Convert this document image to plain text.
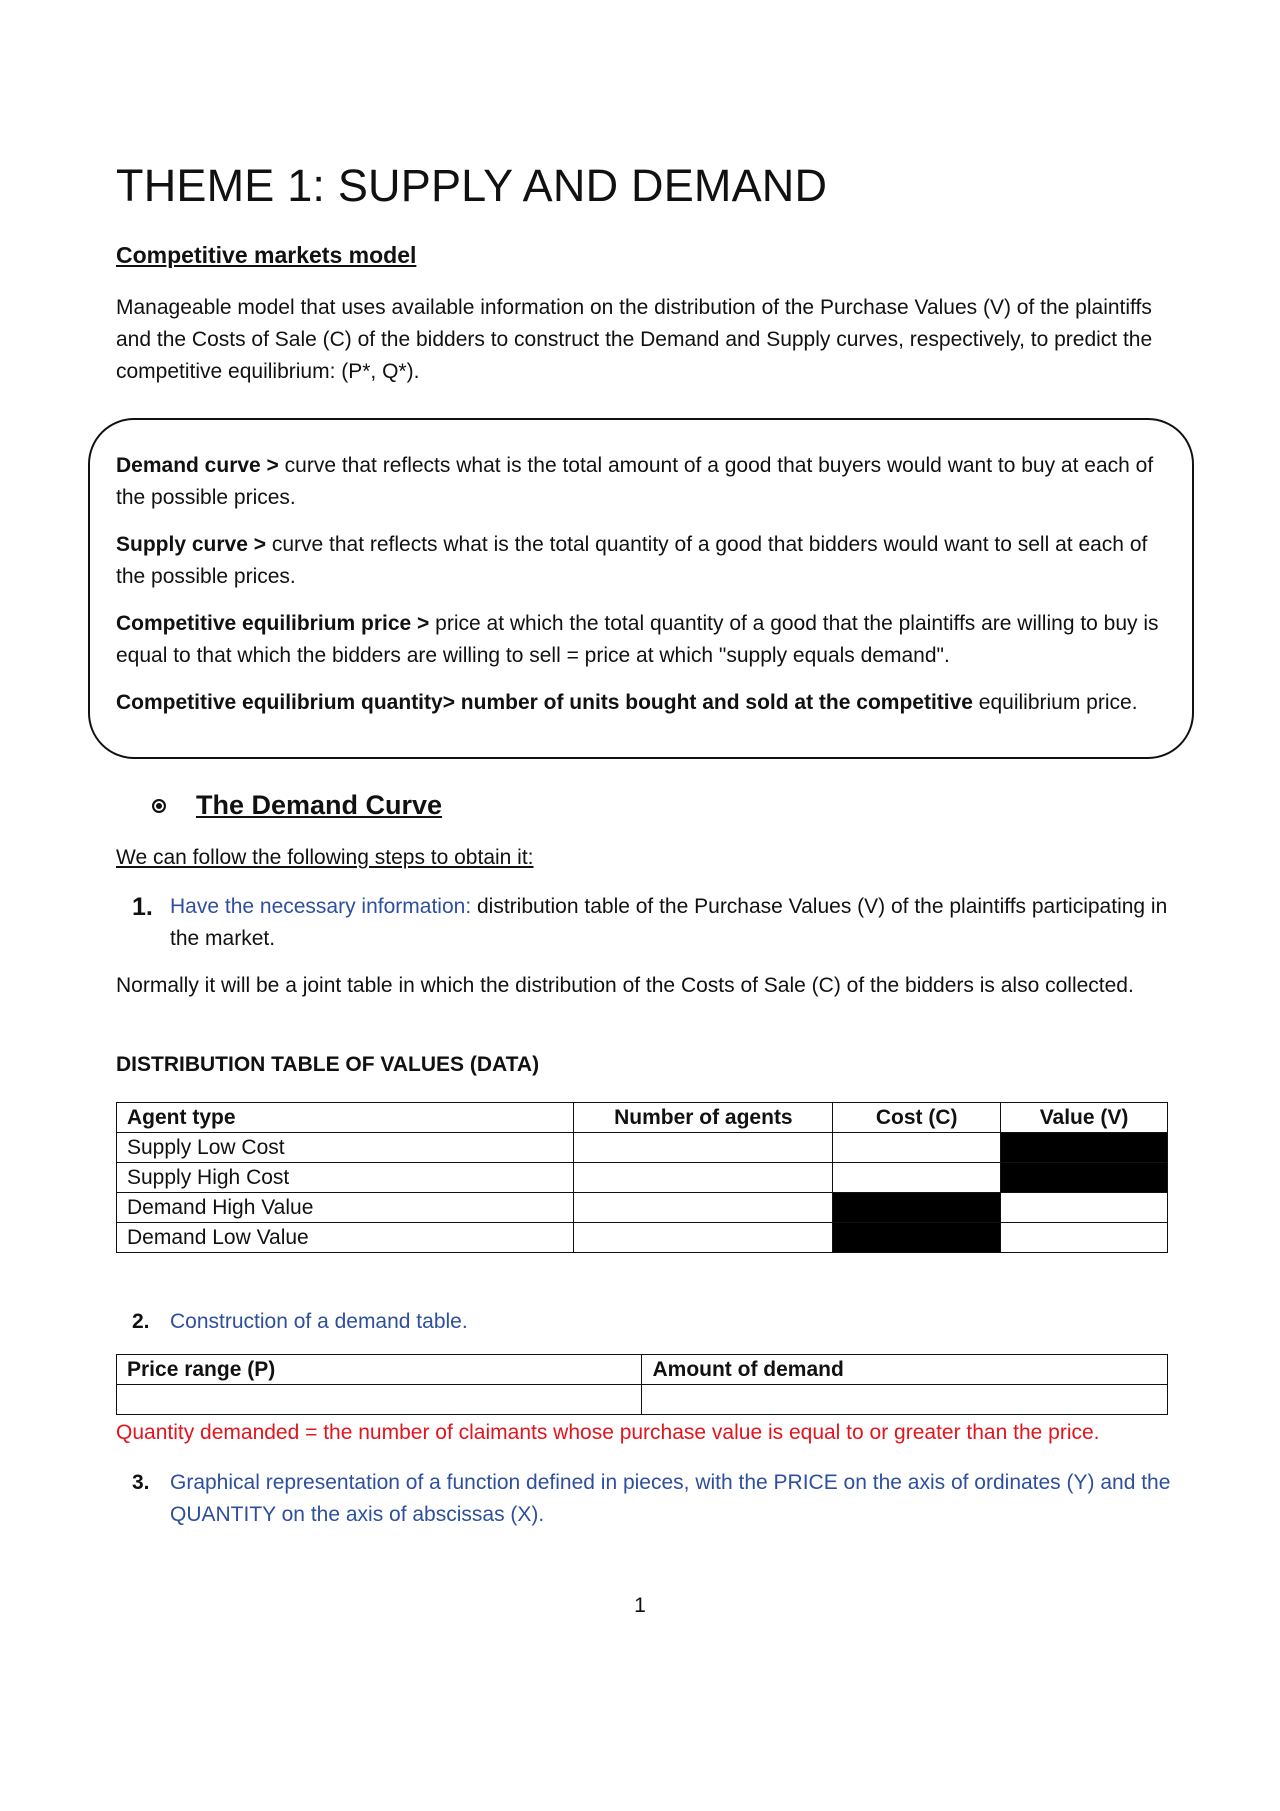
THEME 1: SUPPLY AND DEMAND
Competitive markets model
Manageable model that uses available information on the distribution of the Purchase Values (V) of the plaintiffs and the Costs of Sale (C) of the bidders to construct the Demand and Supply curves, respectively, to predict the competitive equilibrium: (P*, Q*).

Demand curve > curve that reflects what is the total amount of a good that buyers would want to buy at each of the possible prices.

Supply curve > curve that reflects what is the total quantity of a good that bidders would want to sell at each of the possible prices.

Competitive equilibrium price > price at which the total quantity of a good that the plaintiffs are willing to buy is equal to that which the bidders are willing to sell = price at which "supply equals demand".

Competitive equilibrium quantity> number of units bought and sold at the competitive equilibrium price.

The Demand Curve
We can follow the following steps to obtain it:
1. Have the necessary information: distribution table of the Purchase Values (V) of the plaintiffs participating in the market.
Normally it will be a joint table in which the distribution of the Costs of Sale (C) of the bidders is also collected.
DISTRIBUTION TABLE OF VALUES (DATA)
Agent type	Number of agents	Cost (C)	Value (V)
Supply Low Cost			
Supply High Cost			
Demand High Value			
Demand Low Value			
2. Construction of a demand table.
Price range (P)	Amount of demand

Quantity demanded = the number of claimants whose purchase value is equal to or greater than the price.
3. Graphical representation of a function defined in pieces, with the PRICE on the axis of ordinates (Y) and the QUANTITY on the axis of abscissas (X).
1
